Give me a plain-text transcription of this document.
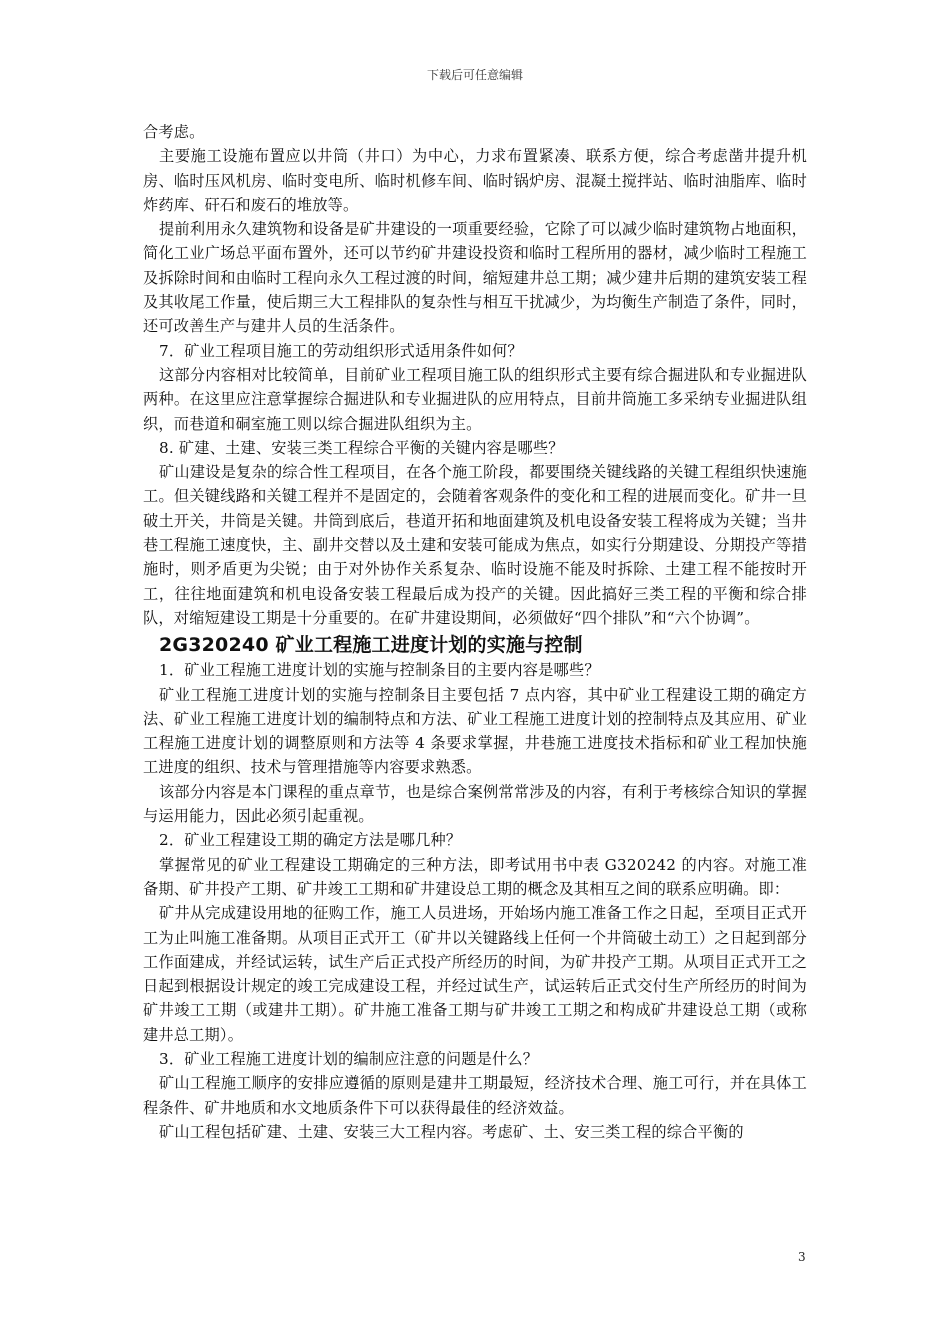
下载后可任意编辑

合考虑。

主要施工设施布置应以井筒（井口）为中心，力求布置紧凑、联系方便，综合考虑凿井提升机房、临时压风机房、临时变电所、临时机修车间、临时锅炉房、混凝土搅拌站、临时油脂库、临时炸药库、矸石和废石的堆放等。

提前利用永久建筑物和设备是矿井建设的一项重要经验，它除了可以减少临时建筑物占地面积，简化工业广场总平面布置外，还可以节约矿井建设投资和临时工程所用的器材，减少临时工程施工及拆除时间和由临时工程向永久工程过渡的时间，缩短建井总工期；减少建井后期的建筑安装工程及其收尾工作量，使后期三大工程排队的复杂性与相互干扰减少，为均衡生产制造了条件，同时，还可改善生产与建井人员的生活条件。

7．矿业工程项目施工的劳动组织形式适用条件如何？

这部分内容相对比较简单，目前矿业工程项目施工队的组织形式主要有综合掘进队和专业掘进队两种。在这里应注意掌握综合掘进队和专业掘进队的应用特点，目前井筒施工多采纳专业掘进队组织，而巷道和硐室施工则以综合掘进队组织为主。

8. 矿建、土建、安装三类工程综合平衡的关键内容是哪些？

矿山建设是复杂的综合性工程项目，在各个施工阶段，都要围绕关键线路的关键工程组织快速施工。但关键线路和关键工程并不是固定的，会随着客观条件的变化和工程的进展而变化。矿井一旦破土开关，井筒是关键。井筒到底后，巷道开拓和地面建筑及机电设备安装工程将成为关键；当井巷工程施工速度快，主、副井交替以及土建和安装可能成为焦点，如实行分期建设、分期投产等措施时，则矛盾更为尖锐；由于对外协作关系复杂、临时设施不能及时拆除、土建工程不能按时开工，往往地面建筑和机电设备安装工程最后成为投产的关键。因此搞好三类工程的平衡和综合排队，对缩短建设工期是十分重要的。在矿井建设期间，必须做好“四个排队”和“六个协调”。

2G320240 矿业工程施工进度计划的实施与控制

1．矿业工程施工进度计划的实施与控制条目的主要内容是哪些？

矿业工程施工进度计划的实施与控制条目主要包括 7 点内容，其中矿业工程建设工期的确定方法、矿业工程施工进度计划的编制特点和方法、矿业工程施工进度计划的控制特点及其应用、矿业工程施工进度计划的调整原则和方法等 4 条要求掌握，井巷施工进度技术指标和矿业工程加快施工进度的组织、技术与管理措施等内容要求熟悉。

该部分内容是本门课程的重点章节，也是综合案例常常涉及的内容，有利于考核综合知识的掌握与运用能力，因此必须引起重视。

2．矿业工程建设工期的确定方法是哪几种？

掌握常见的矿业工程建设工期确定的三种方法，即考试用书中表 G320242 的内容。对施工准备期、矿井投产工期、矿井竣工工期和矿井建设总工期的概念及其相互之间的联系应明确。即：

矿井从完成建设用地的征购工作，施工人员进场，开始场内施工准备工作之日起，至项目正式开工为止叫施工准备期。从项目正式开工（矿井以关键路线上任何一个井筒破土动工）之日起到部分工作面建成，并经试运转，试生产后正式投产所经历的时间，为矿井投产工期。从项目正式开工之日起到根据设计规定的竣工完成建设工程，并经过试生产，试运转后正式交付生产所经历的时间为矿井竣工工期（或建井工期）。矿井施工准备工期与矿井竣工工期之和构成矿井建设总工期（或称建井总工期）。

3．矿业工程施工进度计划的编制应注意的问题是什么？

矿山工程施工顺序的安排应遵循的原则是建井工期最短，经济技术合理、施工可行，并在具体工程条件、矿井地质和水文地质条件下可以获得最佳的经济效益。

矿山工程包括矿建、土建、安装三大工程内容。考虑矿、土、安三类工程的综合平衡的

3
